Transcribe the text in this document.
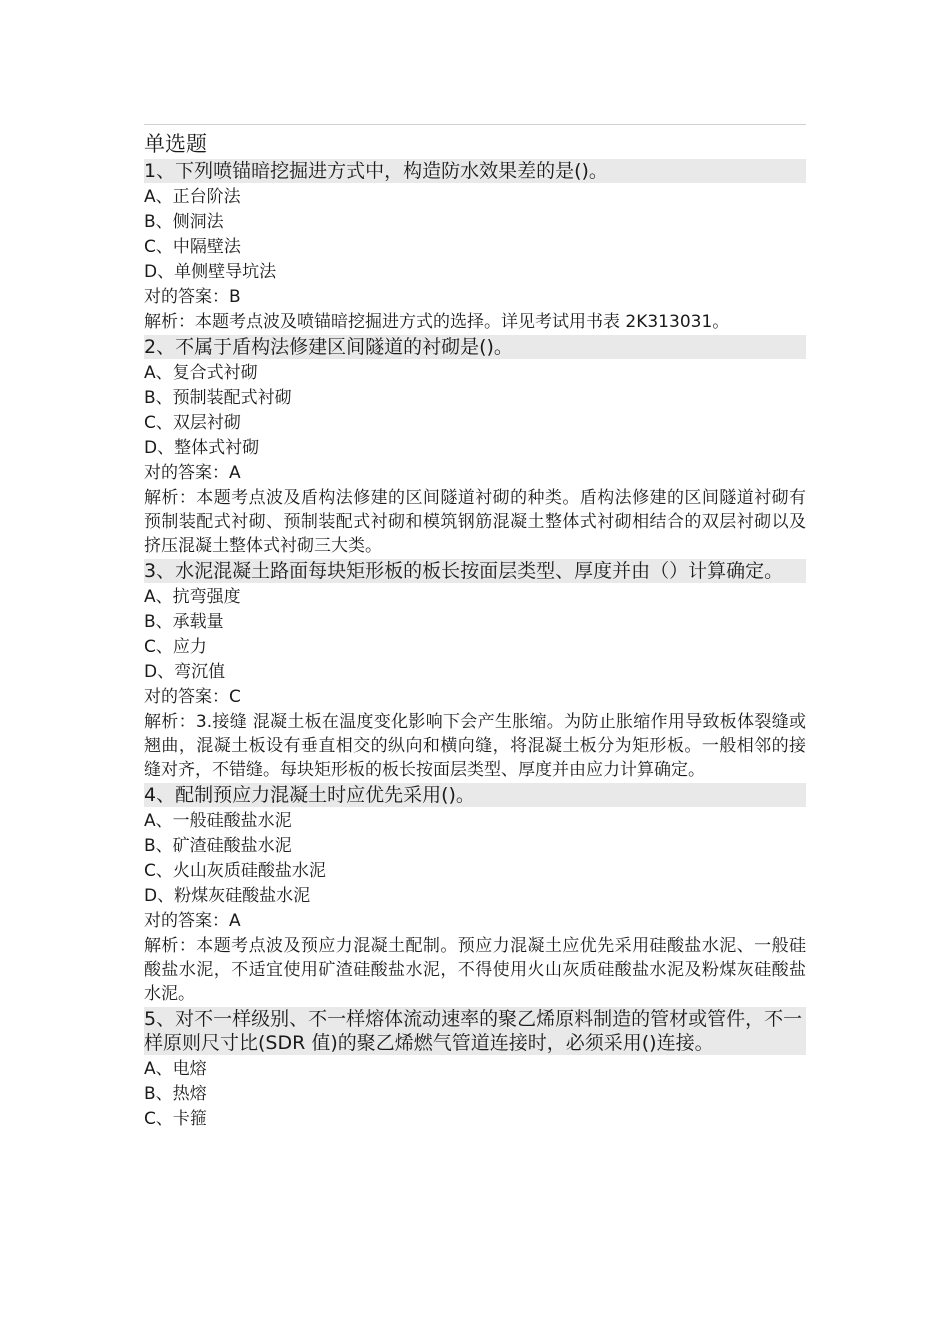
单选题
1、下列喷锚暗挖掘进方式中，构造防水效果差的是()。
A、正台阶法
B、侧洞法
C、中隔壁法
D、单侧壁导坑法
对的答案：B
解析：本题考点波及喷锚暗挖掘进方式的选择。详见考试用书表 2K313031。
2、不属于盾构法修建区间隧道的衬砌是()。
A、复合式衬砌
B、预制装配式衬砌
C、双层衬砌
D、整体式衬砌
对的答案：A
解析：本题考点波及盾构法修建的区间隧道衬砌的种类。盾构法修建的区间隧道衬砌有预制装配式衬砌、预制装配式衬砌和模筑钢筋混凝土整体式衬砌相结合的双层衬砌以及挤压混凝土整体式衬砌三大类。
3、水泥混凝土路面每块矩形板的板长按面层类型、厚度并由（）计算确定。
A、抗弯强度
B、承载量
C、应力
D、弯沉值
对的答案：C
解析：3.接缝 混凝土板在温度变化影响下会产生胀缩。为防止胀缩作用导致板体裂缝或翘曲，混凝土板设有垂直相交的纵向和横向缝，将混凝土板分为矩形板。一般相邻的接缝对齐，不错缝。每块矩形板的板长按面层类型、厚度并由应力计算确定。
4、配制预应力混凝土时应优先采用()。
A、一般硅酸盐水泥
B、矿渣硅酸盐水泥
C、火山灰质硅酸盐水泥
D、粉煤灰硅酸盐水泥
对的答案：A
解析：本题考点波及预应力混凝土配制。预应力混凝土应优先采用硅酸盐水泥、一般硅酸盐水泥，不适宜使用矿渣硅酸盐水泥，不得使用火山灰质硅酸盐水泥及粉煤灰硅酸盐水泥。
5、对不一样级别、不一样熔体流动速率的聚乙烯原料制造的管材或管件，不一样原则尺寸比(SDR 值)的聚乙烯燃气管道连接时，必须采用()连接。
A、电熔
B、热熔
C、卡箍
